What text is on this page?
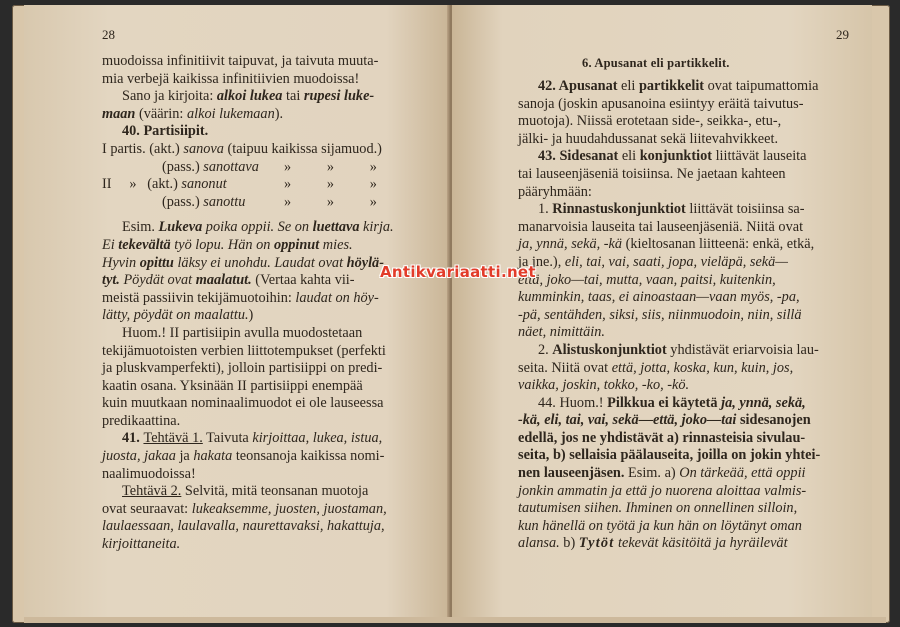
28
muodoissa infinitiivit taipuvat, ja taivuta muuta-
mia verbejä kaikissa infinitiivien muodoissa!
Sano ja kirjoita: alkoi lukea tai rupesi luke-
maan (väärin: alkoi lukemaan).
40. Partisiipit.
I partis. (akt.) sanova (taipuu kaikissa sijamuod.)
(pass.) sanottava »          »          »
II     »   (akt.) sanonut	»          »          »
(pass.) sanottu	»          »          »
Esim. Lukeva poika oppii. Se on luettava kirja.
Ei tekevältä työ lopu. Hän on oppinut mies.
Hyvin opittu läksy ei unohdu. Laudat ovat höylä-
tyt. Pöydät ovat maalatut. (Vertaa kahta vii-
meistä passiivin tekijämuotoihin: laudat on höy-
lätty, pöydät on maalattu.)
Huom.! II partisiipin avulla muodostetaan
tekijämuotoisten verbien liittotempukset (perfekti
ja pluskvamperfekti), jolloin partisiippi on predi-
kaatin osana. Yksinään II partisiippi enempää
kuin muutkaan nominaalimuodot ei ole lauseessa
predikaattina.
41. Tehtävä 1. Taivuta kirjoittaa, lukea, istua,
juosta, jakaa ja hakata teonsanoja kaikissa nomi-
naalimuodoissa!
Tehtävä 2. Selvitä, mitä teonsanan muotoja
ovat seuraavat: lukeaksemme, juosten, juostaman,
laulaessaan, laulavalla, naurettavaksi, hakattuja,
kirjoittaneita.
29
6. Apusanat eli partikkelit.
42. Apusanat eli partikkelit ovat taipumattomia
sanoja (joskin apusanoina esiintyy eräitä taivutus-
muotoja). Niissä erotetaan side-, seikka-, etu-,
jälki- ja huudahdussanat sekä liitevahvikkeet.
43. Sidesanat eli konjunktiot liittävät lauseita
tai lauseenjäseniä toisiinsa. Ne jaetaan kahteen
pääryhmään:
1. Rinnastuskonjunktiot liittävät toisiinsa sa-
manarvoisia lauseita tai lauseenjäseniä. Niitä ovat
ja, ynnä, sekä, -kä (kieltosanan liitteenä: enkä, etkä,
ja jne.), eli, tai, vai, saati, jopa, vieläpä, sekä—
että, joko—tai, mutta, vaan, paitsi, kuitenkin,
kumminkin, taas, ei ainoastaan—vaan myös, -pa,
-pä, sentähden, siksi, siis, niinmuodoin, niin, sillä
näet, nimittäin.
2. Alistuskonjunktiot yhdistävät eriarvoisia lau-
seita. Niitä ovat että, jotta, koska, kun, kuin, jos,
vaikka, joskin, tokko, -ko, -kö.
44. Huom.! Pilkkua ei käytetä ja, ynnä, sekä,
-kä, eli, tai, vai, sekä—että, joko—tai sidesanojen
edellä, jos ne yhdistävät a) rinnasteisia sivulau-
seita, b) sellaisia päälauseita, joilla on jokin yhtei-
nen lauseenjäsen. Esim. a) On tärkeää, että oppii
jonkin ammatin ja että jo nuorena aloittaa valmis-
tautumisen siihen. Ihminen on onnellinen silloin,
kun hänellä on työtä ja kun hän on löytänyt oman
alansa. b) Tytöt tekevät käsitöitä ja hyräilevät
Antikvariaatti.net
